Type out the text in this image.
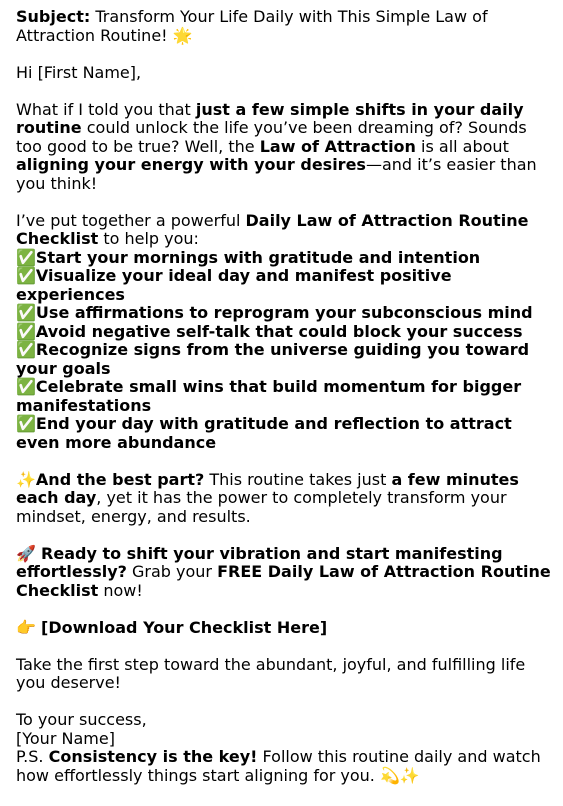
Subject: Transform Your Life Daily with This Simple Law of Attraction Routine! 🌟

Hi [First Name],

What if I told you that just a few simple shifts in your daily routine could unlock the life you’ve been dreaming of? Sounds too good to be true? Well, the Law of Attraction is all about aligning your energy with your desires—and it’s easier than you think!

I’ve put together a powerful Daily Law of Attraction Routine Checklist to help you:

✅Start your mornings with gratitude and intention
✅Visualize your ideal day and manifest positive experiences
✅Use affirmations to reprogram your subconscious mind
✅Avoid negative self-talk that could block your success
✅Recognize signs from the universe guiding you toward your goals
✅Celebrate small wins that build momentum for bigger manifestations
✅End your day with gratitude and reflection to attract even more abundance

✨And the best part? This routine takes just a few minutes each day, yet it has the power to completely transform your mindset, energy, and results.

🚀 Ready to shift your vibration and start manifesting effortlessly? Grab your FREE Daily Law of Attraction Routine Checklist now!

👉 [Download Your Checklist Here]

Take the first step toward the abundant, joyful, and fulfilling life you deserve!

To your success,

[Your Name]

P.S. Consistency is the key! Follow this routine daily and watch how effortlessly things start aligning for you. 💫✨
